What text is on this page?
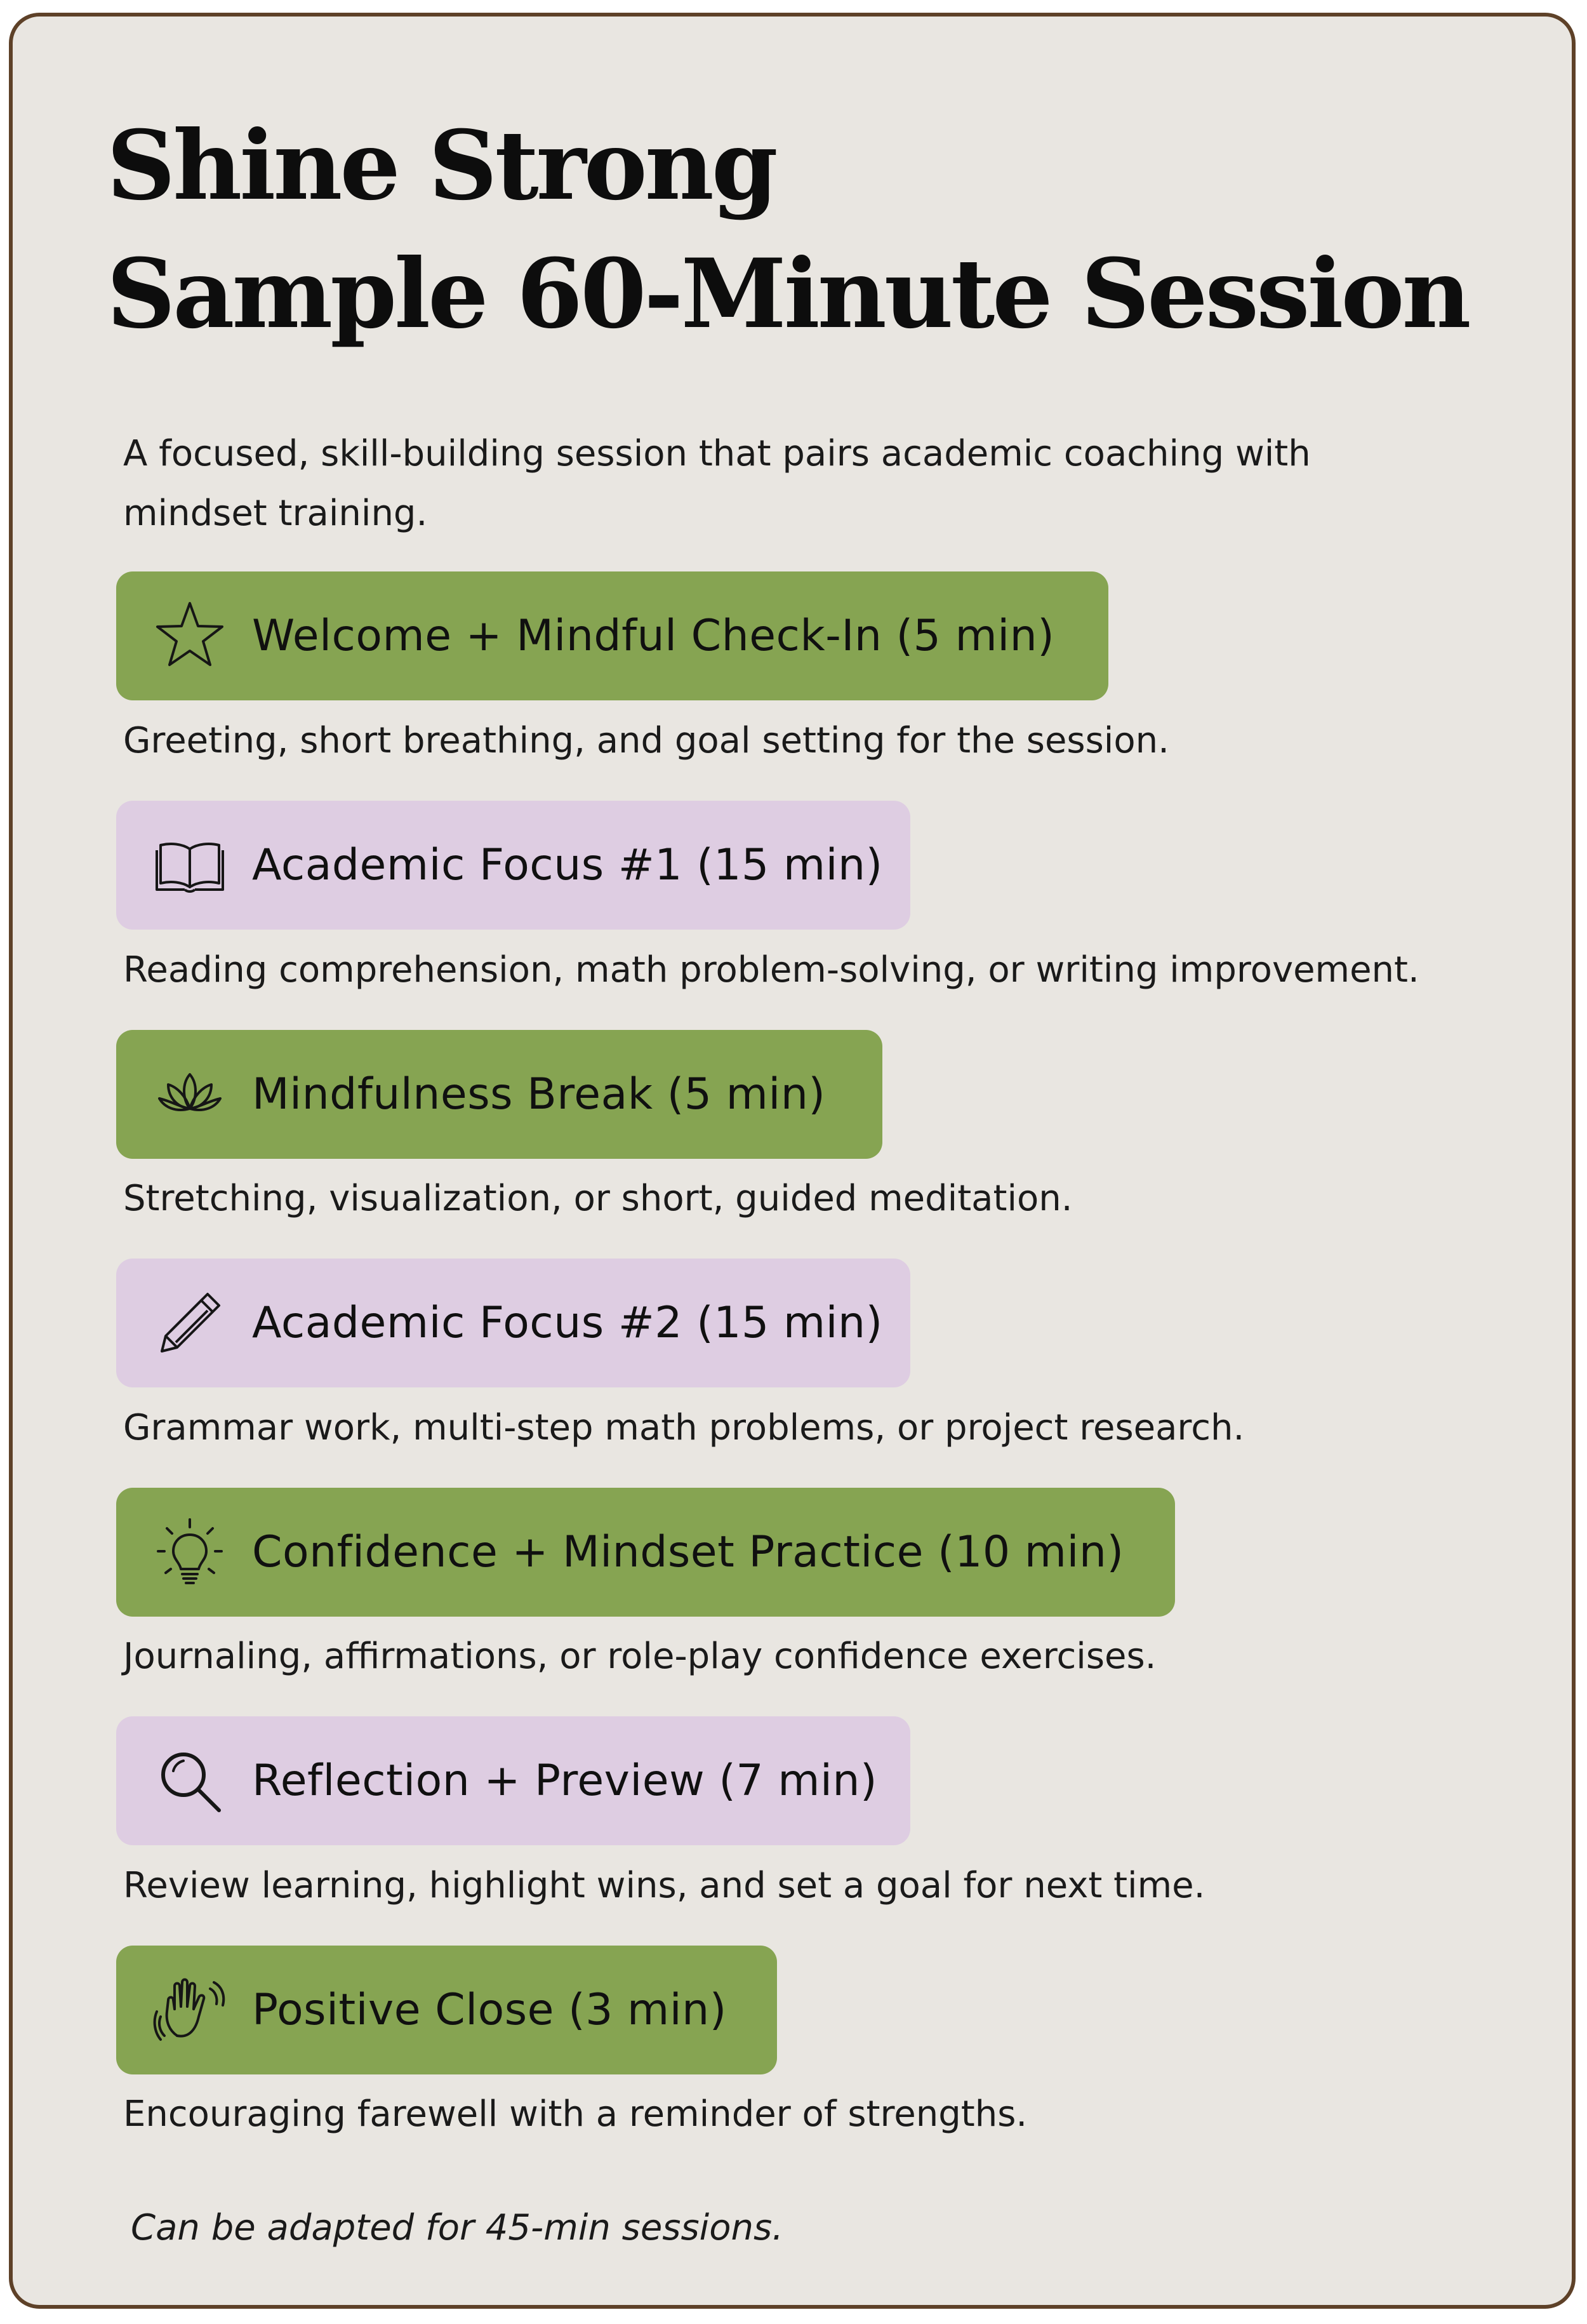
Shine Strong
Sample 60-Minute Session

A focused, skill-building session that pairs academic coaching with mindset training.

Welcome + Mindful Check-In (5 min)

Greeting, short breathing, and goal setting for the session.

Academic Focus #1 (15 min)

Reading comprehension, math problem-solving, or writing improvement.

Mindfulness Break (5 min)

Stretching, visualization, or short, guided meditation.

Academic Focus #2 (15 min)

Grammar work, multi-step math problems, or project research.

Confidence + Mindset Practice (10 min)

Journaling, affirmations, or role-play confidence exercises.

Reflection + Preview (7 min)

Review learning, highlight wins, and set a goal for next time.

Positive Close (3 min)

Encouraging farewell with a reminder of strengths.

Can be adapted for 45-min sessions.
